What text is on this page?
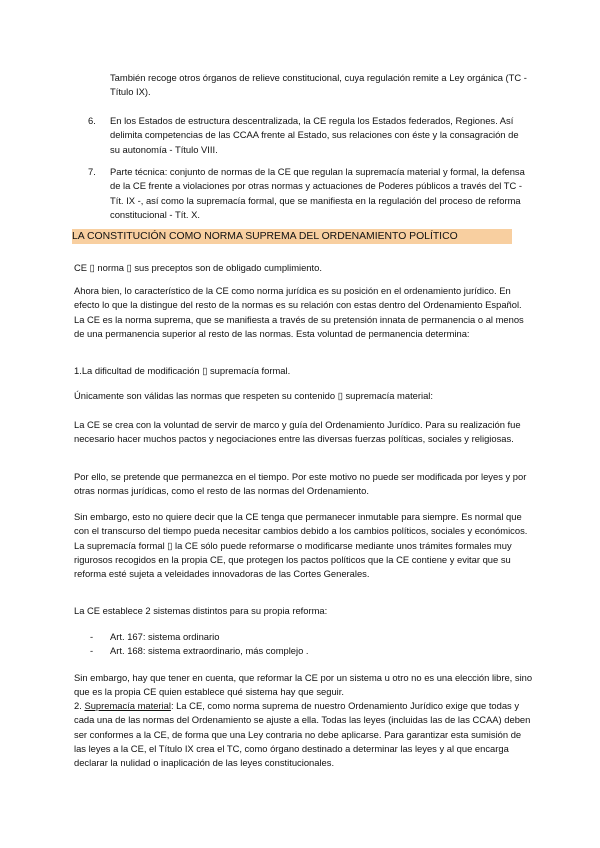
También recoge otros órganos de relieve constitucional, cuya regulación remite a Ley orgánica (TC - Título IX).

6. En los Estados de estructura descentralizada, la CE regula los Estados federados, Regiones. Así delimita competencias de las CCAA frente al Estado, sus relaciones con éste y la consagración de su autonomía - Título VIII.

7. Parte técnica: conjunto de normas de la CE que regulan la supremacía material y formal, la defensa de la CE frente a violaciones por otras normas y actuaciones de Poderes públicos a través del TC - Tít. IX -, así como la supremacía formal, que se manifiesta en la regulación del proceso de reforma constitucional - Tít. X.

LA CONSTITUCIÓN COMO NORMA SUPREMA DEL ORDENAMIENTO POLÍTICO

CE ▯ norma ▯ sus preceptos son de obligado cumplimiento.

Ahora bien, lo característico de la CE como norma jurídica es su posición en el ordenamiento jurídico. En efecto lo que la distingue del resto de la normas es su relación con estas dentro del Ordenamiento Español. La CE es la norma suprema, que se manifiesta a través de su pretensión innata de permanencia o al menos de una permanencia superior al resto de las normas. Esta voluntad de permanencia determina:

1.La dificultad de modificación ▯ supremacía formal.

Únicamente son válidas las normas que respeten su contenido ▯ supremacía material:

La CE se crea con la voluntad de servir de marco y guía del Ordenamiento Jurídico. Para su realización fue necesario hacer muchos pactos y negociaciones entre las diversas fuerzas políticas, sociales y religiosas.

Por ello, se pretende que permanezca en el tiempo. Por este motivo no puede ser modificada por leyes y por otras normas jurídicas, como el resto de las normas del Ordenamiento.

Sin embargo, esto no quiere decir que la CE tenga que permanecer inmutable para siempre. Es normal que con el transcurso del tiempo pueda necesitar cambios debido a los cambios políticos, sociales y económicos. La supremacía formal ▯ la CE sólo puede reformarse o modificarse mediante unos trámites formales muy rigurosos recogidos en la propia CE, que protegen los pactos políticos que la CE contiene y evitar que su reforma esté sujeta a veleidades innovadoras de las Cortes Generales.

La CE establece 2 sistemas distintos para su propia reforma:

- Art. 167: sistema ordinario

- Art. 168: sistema extraordinario, más complejo .

Sin embargo, hay que tener en cuenta, que reformar la CE por un sistema u otro no es una elección libre, sino que es la propia CE quien establece qué sistema hay que seguir.

2. Supremacía material: La CE, como norma suprema de nuestro Ordenamiento Jurídico exige que todas y cada una de las normas del Ordenamiento se ajuste a ella. Todas las leyes (incluidas las de las CCAA) deben ser conformes a la CE, de forma que una Ley contraria no debe aplicarse. Para garantizar esta sumisión de las leyes a la CE, el Título IX crea el TC, como órgano destinado a determinar las leyes y al que encarga declarar la nulidad o inaplicación de las leyes constitucionales.
